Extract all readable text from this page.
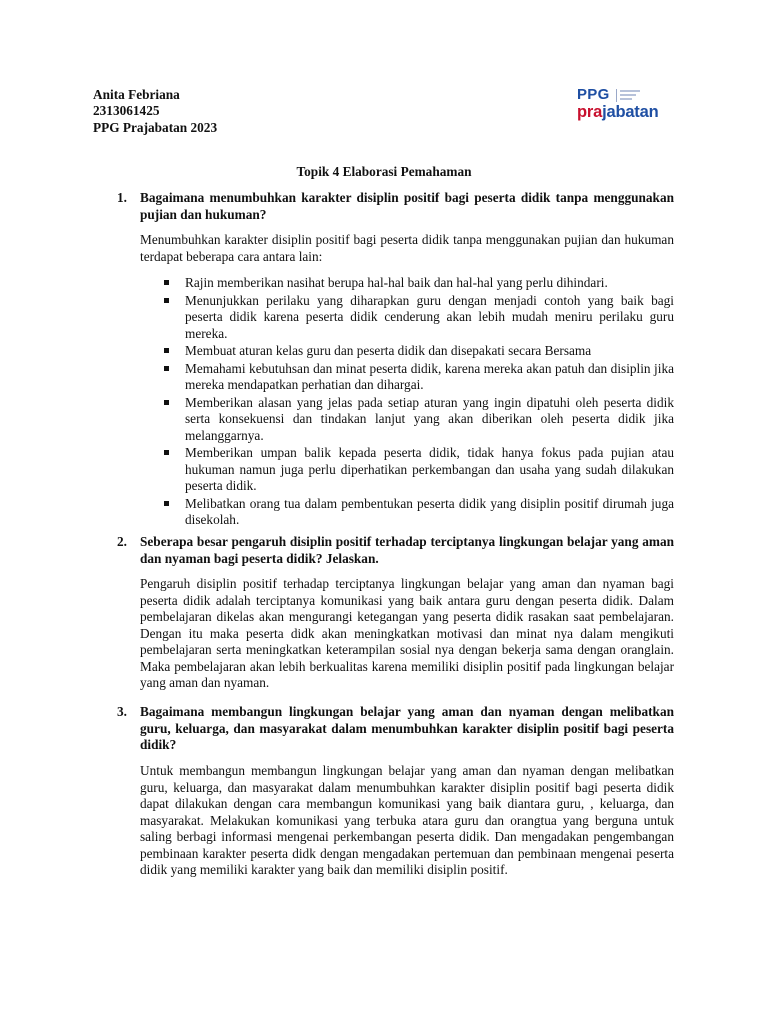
Anita Febriana
2313061425
PPG Prajabatan 2023
PPG
prajabatan
Topik 4 Elaborasi Pemahaman
1. Bagaimana menumbuhkan karakter disiplin positif bagi peserta didik tanpa menggunakan pujian dan hukuman?
Menumbuhkan karakter disiplin positif bagi peserta didik tanpa menggunakan pujian dan hukuman terdapat beberapa cara antara lain:
Rajin memberikan nasihat berupa hal-hal baik dan hal-hal yang perlu dihindari.
Menunjukkan perilaku yang diharapkan guru dengan menjadi contoh yang baik bagi peserta didik karena peserta didik cenderung akan lebih mudah meniru perilaku guru mereka.
Membuat aturan kelas guru dan peserta didik dan disepakati secara Bersama
Memahami kebutuhsan dan minat peserta didik, karena mereka akan patuh dan disiplin jika mereka mendapatkan perhatian dan dihargai.
Memberikan alasan yang jelas pada setiap aturan yang ingin dipatuhi oleh peserta didik serta konsekuensi dan tindakan lanjut yang akan diberikan oleh peserta didik jika melanggarnya.
Memberikan umpan balik kepada peserta didik, tidak hanya fokus pada pujian atau hukuman namun juga perlu diperhatikan perkembangan dan usaha yang sudah dilakukan peserta didik.
Melibatkan orang tua dalam pembentukan peserta didik yang disiplin positif dirumah juga disekolah.
2. Seberapa besar pengaruh disiplin positif terhadap terciptanya lingkungan belajar yang aman dan nyaman bagi peserta didik? Jelaskan.
Pengaruh disiplin positif terhadap terciptanya lingkungan belajar yang aman dan nyaman bagi peserta didik adalah terciptanya komunikasi yang baik antara guru dengan peserta didik. Dalam pembelajaran dikelas akan mengurangi ketegangan yang peserta didik rasakan saat pembelajaran. Dengan itu maka peserta didk akan meningkatkan motivasi dan minat nya dalam mengikuti pembelajaran serta meningkatkan keterampilan sosial nya dengan bekerja sama dengan oranglain. Maka pembelajaran akan lebih berkualitas karena memiliki disiplin positif pada lingkungan belajar yang aman dan nyaman.
3. Bagaimana membangun lingkungan belajar yang aman dan nyaman dengan melibatkan guru, keluarga, dan masyarakat dalam menumbuhkan karakter disiplin positif bagi peserta didik?
Untuk membangun membangun lingkungan belajar yang aman dan nyaman dengan melibatkan guru, keluarga, dan masyarakat dalam menumbuhkan karakter disiplin positif bagi peserta didik dapat dilakukan dengan cara membangun komunikasi yang baik diantara guru, , keluarga, dan masyarakat. Melakukan komunikasi yang terbuka atara guru dan orangtua yang berguna untuk saling berbagi informasi mengenai perkembangan peserta didik. Dan mengadakan pengembangan pembinaan karakter peserta didk dengan mengadakan pertemuan dan pembinaan mengenai peserta didik yang memiliki karakter yang baik dan memiliki disiplin positif.
